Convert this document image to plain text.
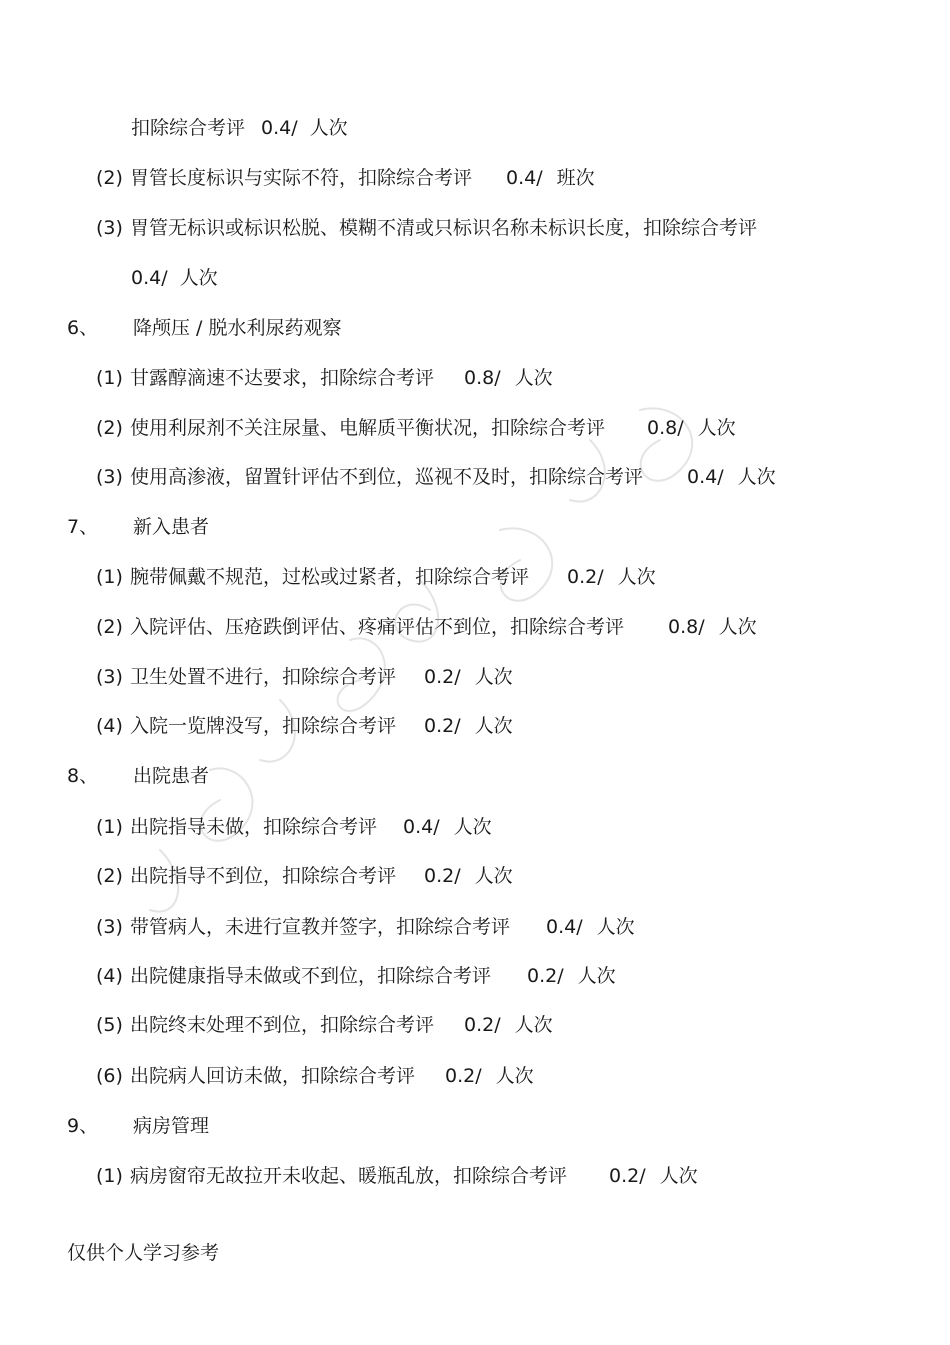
扣除综合考评 0.4/ 人次
(2) 胃管长度标识与实际不符，扣除综合考评 0.4/ 班次
(3) 胃管无标识或标识松脱、模糊不清或只标识名称未标识长度，扣除综合考评
0.4/ 人次
6、 降颅压 / 脱水利尿药观察
(1) 甘露醇滴速不达要求，扣除综合考评 0.8/ 人次
(2) 使用利尿剂不关注尿量、电解质平衡状况，扣除综合考评 0.8/ 人次
(3) 使用高渗液，留置针评估不到位，巡视不及时，扣除综合考评 0.4/ 人次
7、 新入患者
(1) 腕带佩戴不规范，过松或过紧者，扣除综合考评 0.2/ 人次
(2) 入院评估、压疮跌倒评估、疼痛评估不到位，扣除综合考评 0.8/ 人次
(3) 卫生处置不进行，扣除综合考评 0.2/ 人次
(4) 入院一览牌没写，扣除综合考评 0.2/ 人次
8、 出院患者
(1) 出院指导未做，扣除综合考评 0.4/ 人次
(2) 出院指导不到位，扣除综合考评 0.2/ 人次
(3) 带管病人，未进行宣教并签字，扣除综合考评 0.4/ 人次
(4) 出院健康指导未做或不到位，扣除综合考评 0.2/ 人次
(5) 出院终末处理不到位，扣除综合考评 0.2/ 人次
(6) 出院病人回访未做，扣除综合考评 0.2/ 人次
9、 病房管理
(1) 病房窗帘无故拉开未收起、暖瓶乱放，扣除综合考评 0.2/ 人次
仅供个人学习参考
